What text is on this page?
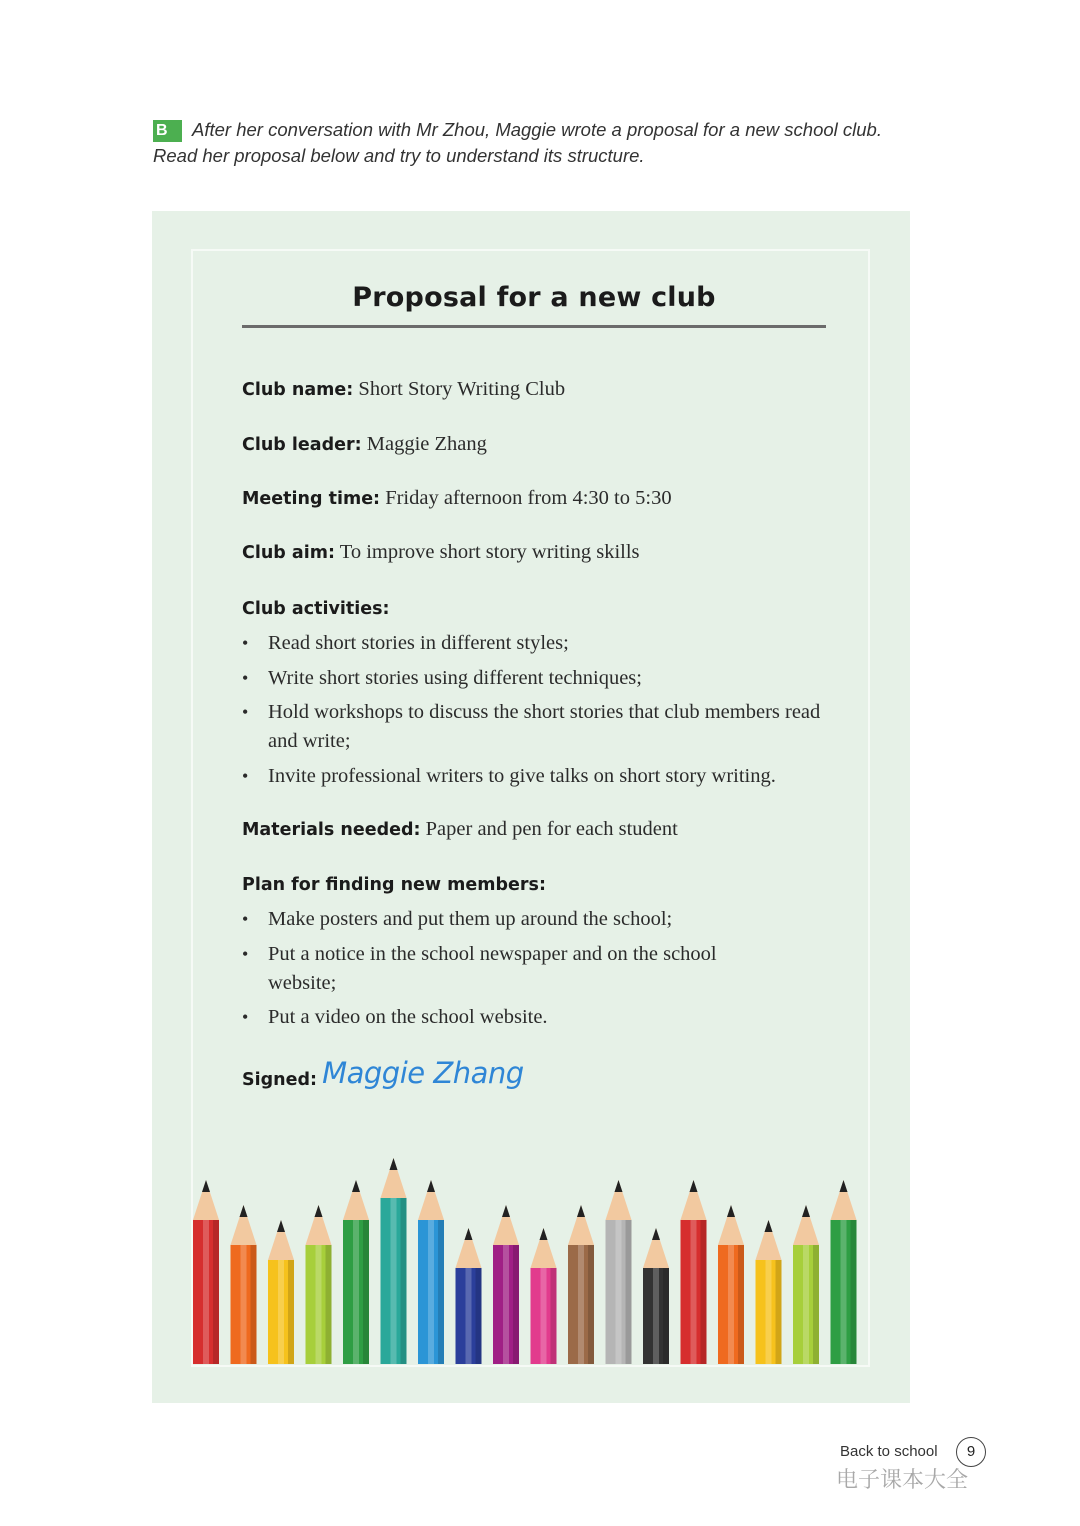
B After her conversation with Mr Zhou, Maggie wrote a proposal for a new school club.
Read her proposal below and try to understand its structure.
Proposal for a new club
Club name: Short Story Writing Club
Club leader: Maggie Zhang
Meeting time: Friday afternoon from 4:30 to 5:30
Club aim: To improve short story writing skills
Club activities:
• Read short stories in different styles;
• Write short stories using different techniques;
• Hold workshops to discuss the short stories that club members read and write;
• Invite professional writers to give talks on short story writing.
Materials needed: Paper and pen for each student
Plan for finding new members:
• Make posters and put them up around the school;
• Put a notice in the school newspaper and on the school website;
• Put a video on the school website.
Signed: Maggie Zhang
Back to school	9
电子课本大全
